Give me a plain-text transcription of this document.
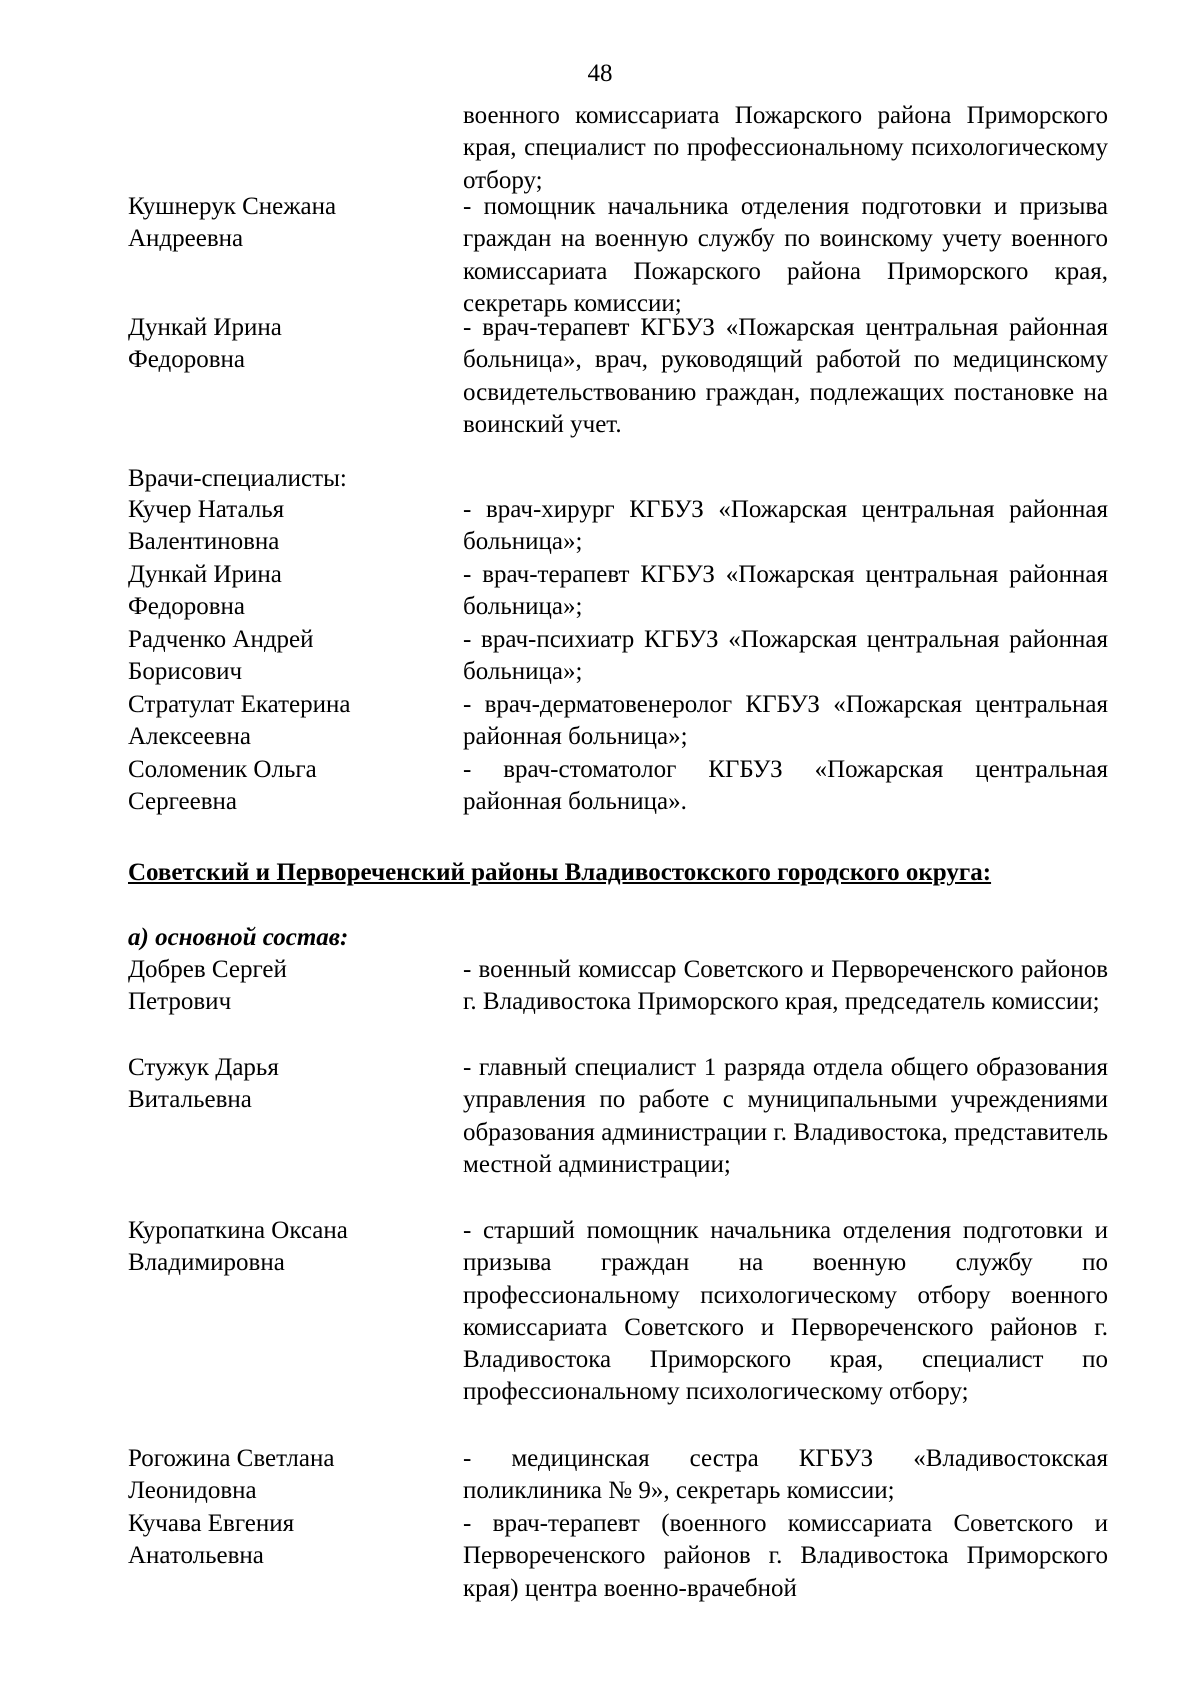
48
военного комиссариата Пожарского района Приморского края, специалист по профессиональному психологическому отбору;
Кушнерук Снежана
Андреевна
- помощник начальника отделения подготовки и призыва граждан на военную службу по воинскому учету военного комиссариата Пожарского района Приморского края, секретарь комиссии;
Дункай Ирина
Федоровна
- врач-терапевт КГБУЗ «Пожарская центральная районная больница», врач, руководящий работой по медицинскому освидетельствованию граждан, подлежащих постановке на воинский учет.
Врачи-специалисты:
Кучер Наталья
Валентиновна
- врач-хирург КГБУЗ «Пожарская центральная районная больница»;
Дункай Ирина
Федоровна
- врач-терапевт КГБУЗ «Пожарская центральная районная больница»;
Радченко Андрей
Борисович
- врач-психиатр КГБУЗ «Пожарская центральная районная больница»;
Стратулат Екатерина
Алексеевна
- врач-дерматовенеролог КГБУЗ «Пожарская центральная районная больница»;
Соломеник Ольга
Сергеевна
- врач-стоматолог КГБУЗ «Пожарская центральная районная больница».
Советский и Первореченский районы Владивостокского городского округа:
а) основной состав:
Добрев Сергей
Петрович
- военный комиссар Советского и Первореченского районов г. Владивостока Приморского края, председатель комиссии;
Стужук Дарья
Витальевна
- главный специалист 1 разряда отдела общего образования управления по работе с муниципальными учреждениями образования администрации г. Владивостока, представитель местной администрации;
Куропаткина Оксана
Владимировна
- старший помощник начальника отделения подготовки и призыва граждан на военную службу по профессиональному психологическому отбору военного комиссариата Советского и Первореченского районов г. Владивостока Приморского края, специалист по профессиональному психологическому отбору;
Рогожина Светлана
Леонидовна
- медицинская сестра КГБУЗ «Владивостокская поликлиника № 9», секретарь комиссии;
Кучава Евгения
Анатольевна
- врач-терапевт (военного комиссариата Советского и Первореченского районов г. Владивостока Приморского края) центра военно-врачебной
